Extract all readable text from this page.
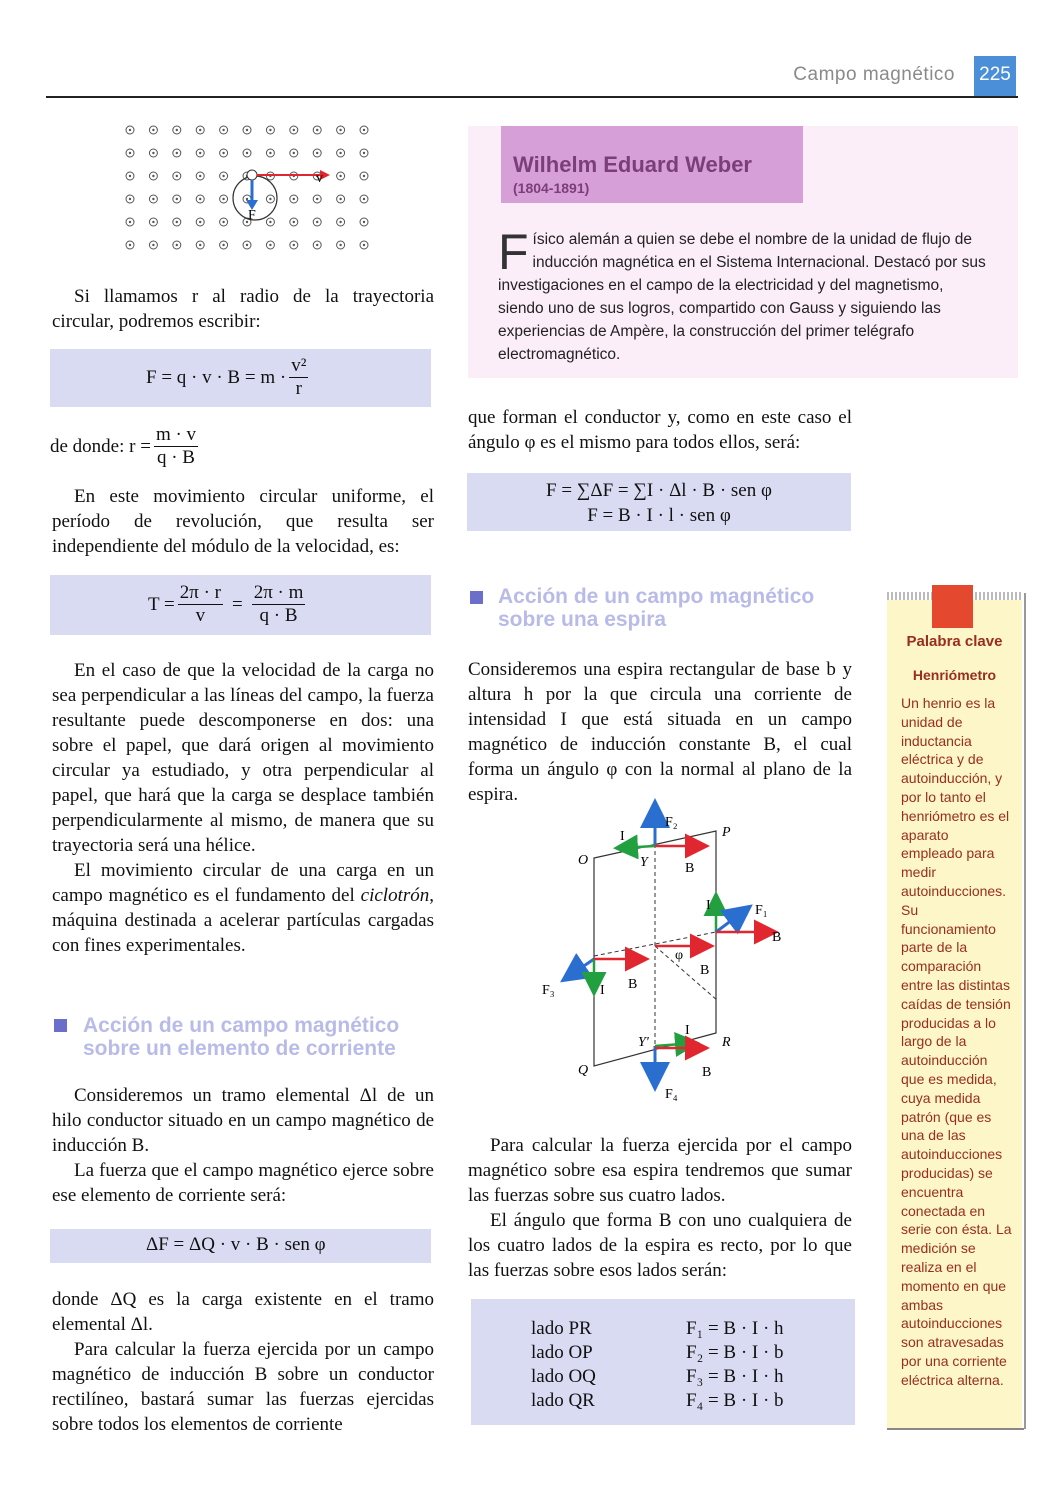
Campo magnético 225
v
F

Si llamamos r al radio de la trayectoria circular, podremos escribir:

$F = q \cdot v \cdot B = m \cdot \frac{\text{v²}}{r}$
de donde: $r = \frac{m \cdot v}{q \cdot B}$

En este movimiento circular uniforme, el período de revolución, que resulta ser independiente del módulo de la velocidad, es:

$T = \frac{2\pi \cdot r}{v} = \frac{2\pi \cdot m}{q \cdot B}$

En el caso de que la velocidad de la carga no sea perpendicular a las líneas del campo, la fuerza resultante puede descomponerse en dos: una sobre el papel, que dará origen al movimiento circular ya estudiado, y otra perpendicular al papel, que hará que la carga se desplace también perpendicularmente al mismo, de manera que su trayectoria será una hélice.

El movimiento circular de una carga en un campo magnético es el fundamento del ciclotrón, máquina destinada a acelerar partículas cargadas con fines experimentales.

Acción de un campo magnético
sobre un elemento de corriente

Consideremos un tramo elemental Δl de un hilo conductor situado en un campo magnético de inducción B.

La fuerza que el campo magnético ejerce sobre ese elemento de corriente será:

ΔF = ΔQ · v · B · sen φ

donde ΔQ es la carga existente en el tramo elemental Δl.

Para calcular la fuerza ejercida por un campo magnético de inducción B sobre un conductor rectilíneo, bastará sumar las fuerzas ejercidas sobre todos los elementos de corriente

Wilhelm Eduard Weber
(1804-1891)
Físico alemán a quien se debe el nombre de la unidad de flujo de inducción magnética en el Sistema Internacional. Destacó por sus investigaciones en el campo de la electricidad y del magnetismo, siendo uno de sus logros, compartido con Gauss y siguiendo las experiencias de Ampère, la construcción del primer telégrafo electromagnético.

que forman el conductor y, como en este caso el ángulo φ es el mismo para todos ellos, será:

F = ∑ΔF = ∑I · Δl · B · sen φ
F = B · I · l · sen φ
Acción de un campo magnético
sobre una espira

Consideremos una espira rectangular de base b y altura h por la que circula una corriente de intensidad I que está situada en un campo magnético de inducción constante B, el cual forma un ángulo φ con la normal al plano de la espira.

O
P
Q
R
Y
Y'
I
I
I
I
B
B
B
B
B
φ
F₂
F₁
F₃
F₄

Para calcular la fuerza ejercida por el campo magnético sobre esa espira tendremos que sumar las fuerzas sobre sus cuatro lados.

El ángulo que forma B con uno cualquiera de los cuatro lados de la espira es recto, por lo que las fuerzas sobre esos lados serán:

lado PR	F₁ = B · I · h
lado OP	F₂ = B · I · b
lado OQ	F₃ = B · I · h
lado QR	F₄ = B · I · b
Palabra clave
Henriómetro
Un henrio es la unidad de inductancia eléctrica y de autoinducción, y por lo tanto el henriómetro es el aparato empleado para medir autoinducciones. Su funcionamiento parte de la comparación entre las distintas caídas de tensión producidas a lo largo de la autoinducción que es medida, cuya medida patrón (que es una de las autoinducciones producidas) se encuentra conectada en serie con ésta. La medición se realiza en el momento en que ambas autoinducciones son atravesadas por una corriente eléctrica alterna.
